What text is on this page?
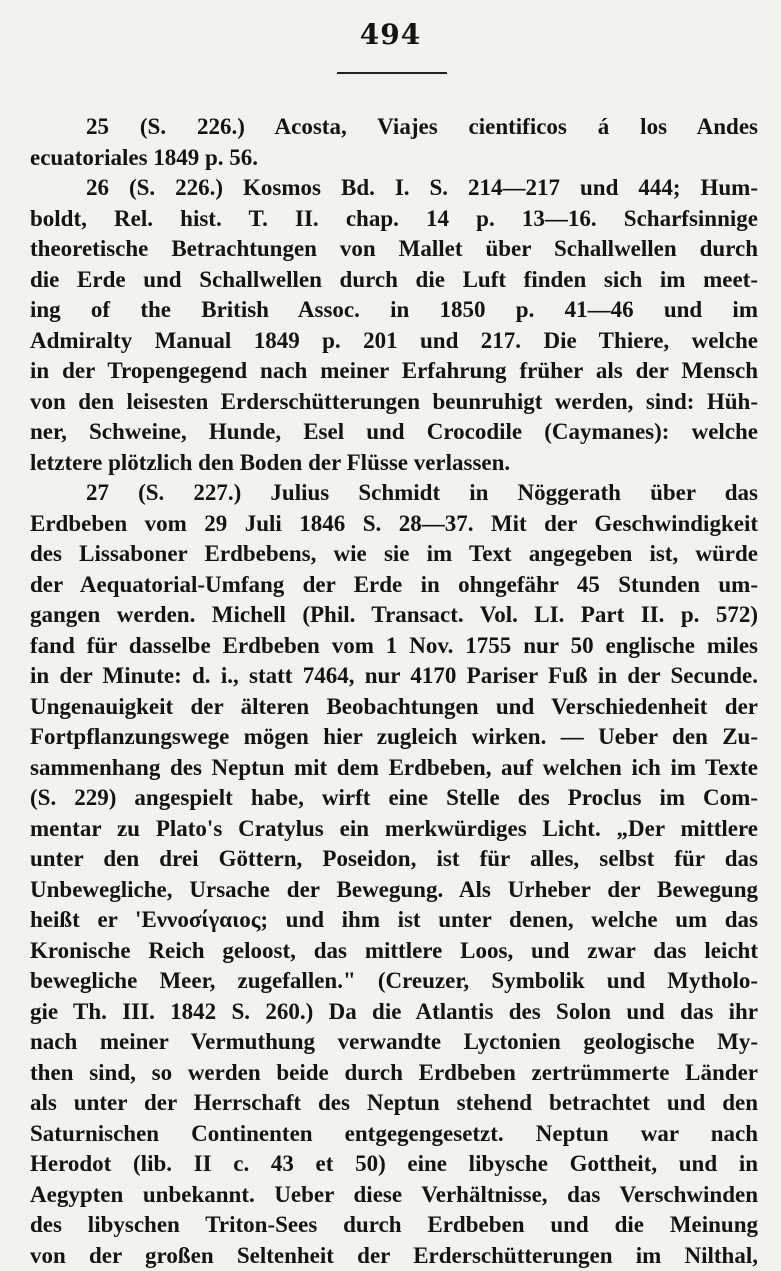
494
25 (S. 226.) Acosta, Viajes cientificos á los Andes
ecuatoriales 1849 p. 56.
26 (S. 226.) Kosmos Bd. I. S. 214—217 und 444; Hum-
boldt, Rel. hist. T. II. chap. 14 p. 13—16. Scharfsinnige
theoretische Betrachtungen von Mallet über Schallwellen durch
die Erde und Schallwellen durch die Luft finden sich im meet-
ing of the British Assoc. in 1850 p. 41—46 und im
Admiralty Manual 1849 p. 201 und 217. Die Thiere, welche
in der Tropengegend nach meiner Erfahrung früher als der Mensch
von den leisesten Erderschütterungen beunruhigt werden, sind: Hüh-
ner, Schweine, Hunde, Esel und Crocodile (Caymanes): welche
letztere plötzlich den Boden der Flüsse verlassen.
27 (S. 227.) Julius Schmidt in Nöggerath über das
Erdbeben vom 29 Juli 1846 S. 28—37. Mit der Geschwindigkeit
des Lissaboner Erdbebens, wie sie im Text angegeben ist, würde
der Aequatorial-Umfang der Erde in ohngefähr 45 Stunden um-
gangen werden. Michell (Phil. Transact. Vol. LI. Part II. p. 572)
fand für dasselbe Erdbeben vom 1 Nov. 1755 nur 50 englische miles
in der Minute: d. i., statt 7464, nur 4170 Pariser Fuß in der Secunde.
Ungenauigkeit der älteren Beobachtungen und Verschiedenheit der
Fortpflanzungswege mögen hier zugleich wirken. — Ueber den Zu-
sammenhang des Neptun mit dem Erdbeben, auf welchen ich im Texte
(S. 229) angespielt habe, wirft eine Stelle des Proclus im Com-
mentar zu Plato's Cratylus ein merkwürdiges Licht. „Der mittlere
unter den drei Göttern, Poseidon, ist für alles, selbst für das
Unbewegliche, Ursache der Bewegung. Als Urheber der Bewegung
heißt er 'Εννοσίγαιος; und ihm ist unter denen, welche um das
Kronische Reich geloost, das mittlere Loos, und zwar das leicht
bewegliche Meer, zugefallen." (Creuzer, Symbolik und Mytholo-
gie Th. III. 1842 S. 260.) Da die Atlantis des Solon und das ihr
nach meiner Vermuthung verwandte Lyctonien geologische My-
then sind, so werden beide durch Erdbeben zertrümmerte Länder
als unter der Herrschaft des Neptun stehend betrachtet und den
Saturnischen Continenten entgegengesetzt. Neptun war nach
Herodot (lib. II c. 43 et 50) eine libysche Gottheit, und in
Aegypten unbekannt. Ueber diese Verhältnisse, das Verschwinden
des libyschen Triton-Sees durch Erdbeben und die Meinung
von der großen Seltenheit der Erderschütterungen im Nilthal,
